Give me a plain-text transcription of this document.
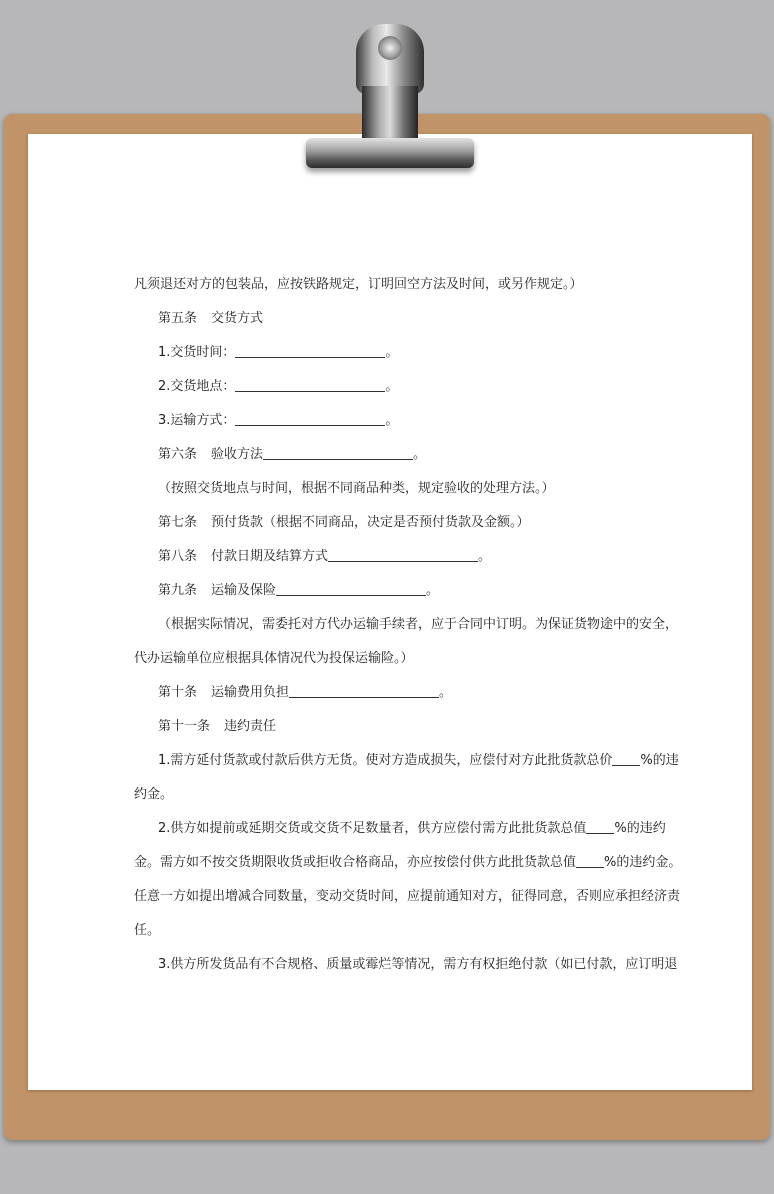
凡须退还对方的包装品，应按铁路规定，订明回空方法及时间，或另作规定。）

第五条 交货方式

1.交货时间：	。

2.交货地点：	。

3.运输方式：	。

第六条 验收方法	。

（按照交货地点与时间，根据不同商品种类，规定验收的处理方法。）

第七条 预付货款（根据不同商品，决定是否预付货款及金额。）

第八条 付款日期及结算方式	。

第九条 运输及保险	。

（根据实际情况，需委托对方代办运输手续者，应于合同中订明。为保证货物途中的安全，

代办运输单位应根据具体情况代为投保运输险。）

第十条 运输费用负担	。

第十一条 违约责任

1.需方延付货款或付款后供方无货。使对方造成损失，应偿付对方此批货款总价 %的违

约金。

2.供方如提前或延期交货或交货不足数量者，供方应偿付需方此批货款总值 %的违约

金。需方如不按交货期限收货或拒收合格商品，亦应按偿付供方此批货款总值 %的违约金。

任意一方如提出增减合同数量，变动交货时间，应提前通知对方，征得同意，否则应承担经济责

任。

3.供方所发货品有不合规格、质量或霉烂等情况，需方有权拒绝付款（如已付款，应订明退
